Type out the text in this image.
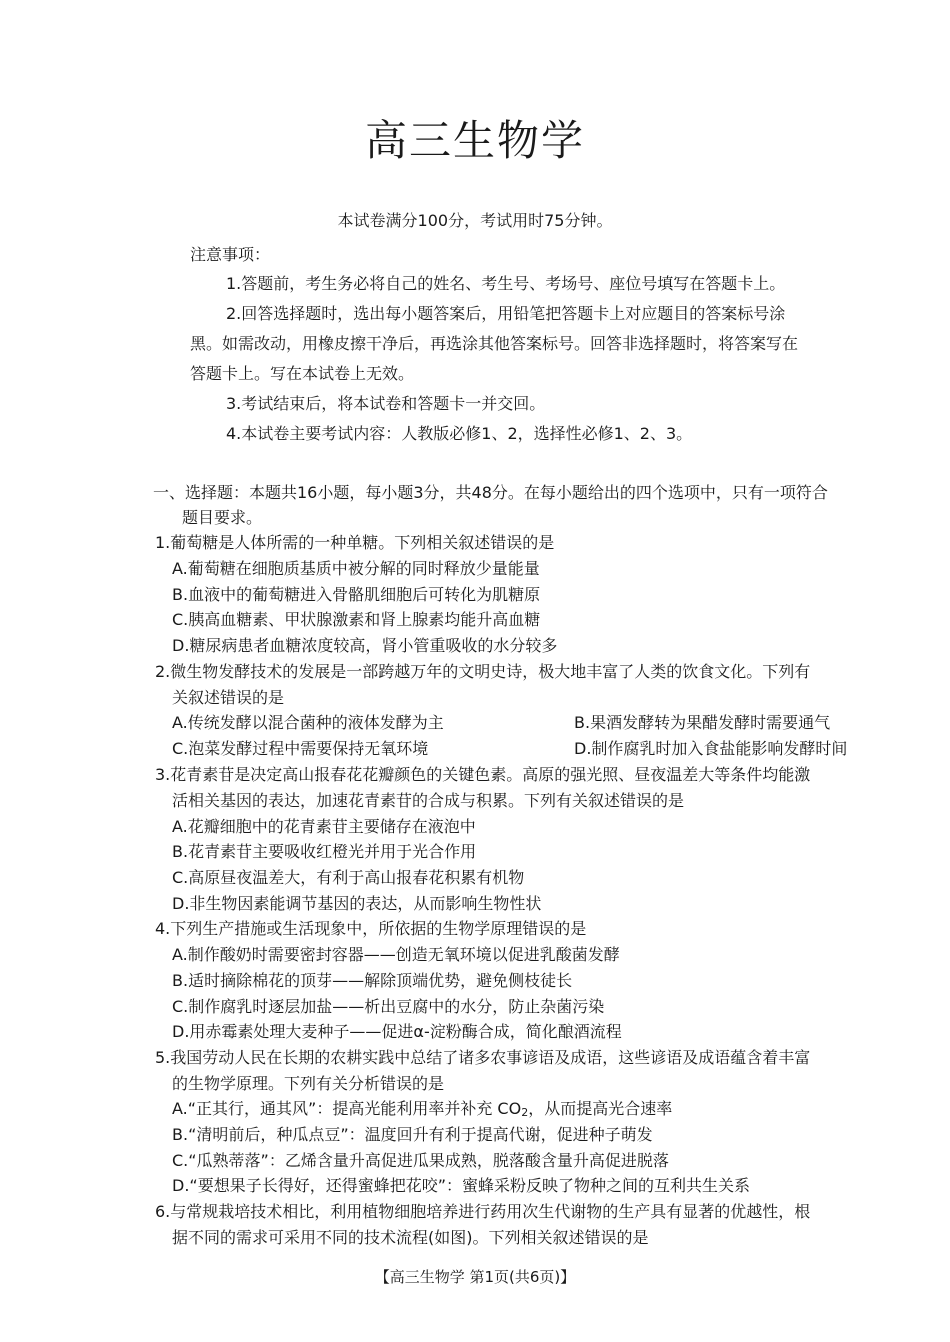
高三生物学
本试卷满分100分，考试用时75分钟。
注意事项：
1.答题前，考生务必将自己的姓名、考生号、考场号、座位号填写在答题卡上。
2.回答选择题时，选出每小题答案后，用铅笔把答题卡上对应题目的答案标号涂
黑。如需改动，用橡皮擦干净后，再选涂其他答案标号。回答非选择题时，将答案写在
答题卡上。写在本试卷上无效。
3.考试结束后，将本试卷和答题卡一并交回。
4.本试卷主要考试内容：人教版必修1、2，选择性必修1、2、3。
一、选择题：本题共16小题，每小题3分，共48分。在每小题给出的四个选项中，只有一项符合
题目要求。
1.葡萄糖是人体所需的一种单糖。下列相关叙述错误的是
A.葡萄糖在细胞质基质中被分解的同时释放少量能量
B.血液中的葡萄糖进入骨骼肌细胞后可转化为肌糖原
C.胰高血糖素、甲状腺激素和肾上腺素均能升高血糖
D.糖尿病患者血糖浓度较高，肾小管重吸收的水分较多
2.微生物发酵技术的发展是一部跨越万年的文明史诗，极大地丰富了人类的饮食文化。下列有
关叙述错误的是
A.传统发酵以混合菌种的液体发酵为主	B.果酒发酵转为果醋发酵时需要通气
C.泡菜发酵过程中需要保持无氧环境	D.制作腐乳时加入食盐能影响发酵时间
3.花青素苷是决定高山报春花花瓣颜色的关键色素。高原的强光照、昼夜温差大等条件均能激
活相关基因的表达，加速花青素苷的合成与积累。下列有关叙述错误的是
A.花瓣细胞中的花青素苷主要储存在液泡中
B.花青素苷主要吸收红橙光并用于光合作用
C.高原昼夜温差大，有利于高山报春花积累有机物
D.非生物因素能调节基因的表达，从而影响生物性状
4.下列生产措施或生活现象中，所依据的生物学原理错误的是
A.制作酸奶时需要密封容器——创造无氧环境以促进乳酸菌发酵
B.适时摘除棉花的顶芽——解除顶端优势，避免侧枝徒长
C.制作腐乳时逐层加盐——析出豆腐中的水分，防止杂菌污染
D.用赤霉素处理大麦种子——促进α-淀粉酶合成，简化酿酒流程
5.我国劳动人民在长期的农耕实践中总结了诸多农事谚语及成语，这些谚语及成语蕴含着丰富
的生物学原理。下列有关分析错误的是
A.“正其行，通其风”：提高光能利用率并补充 $CO_2$，从而提高光合速率
B.“清明前后，种瓜点豆”：温度回升有利于提高代谢，促进种子萌发
C.“瓜熟蒂落”：乙烯含量升高促进瓜果成熟，脱落酸含量升高促进脱落
D.“要想果子长得好，还得蜜蜂把花咬”：蜜蜂采粉反映了物种之间的互利共生关系
6.与常规栽培技术相比，利用植物细胞培养进行药用次生代谢物的生产具有显著的优越性，根
据不同的需求可采用不同的技术流程(如图)。下列相关叙述错误的是
【高三生物学 第1页(共6页)】
